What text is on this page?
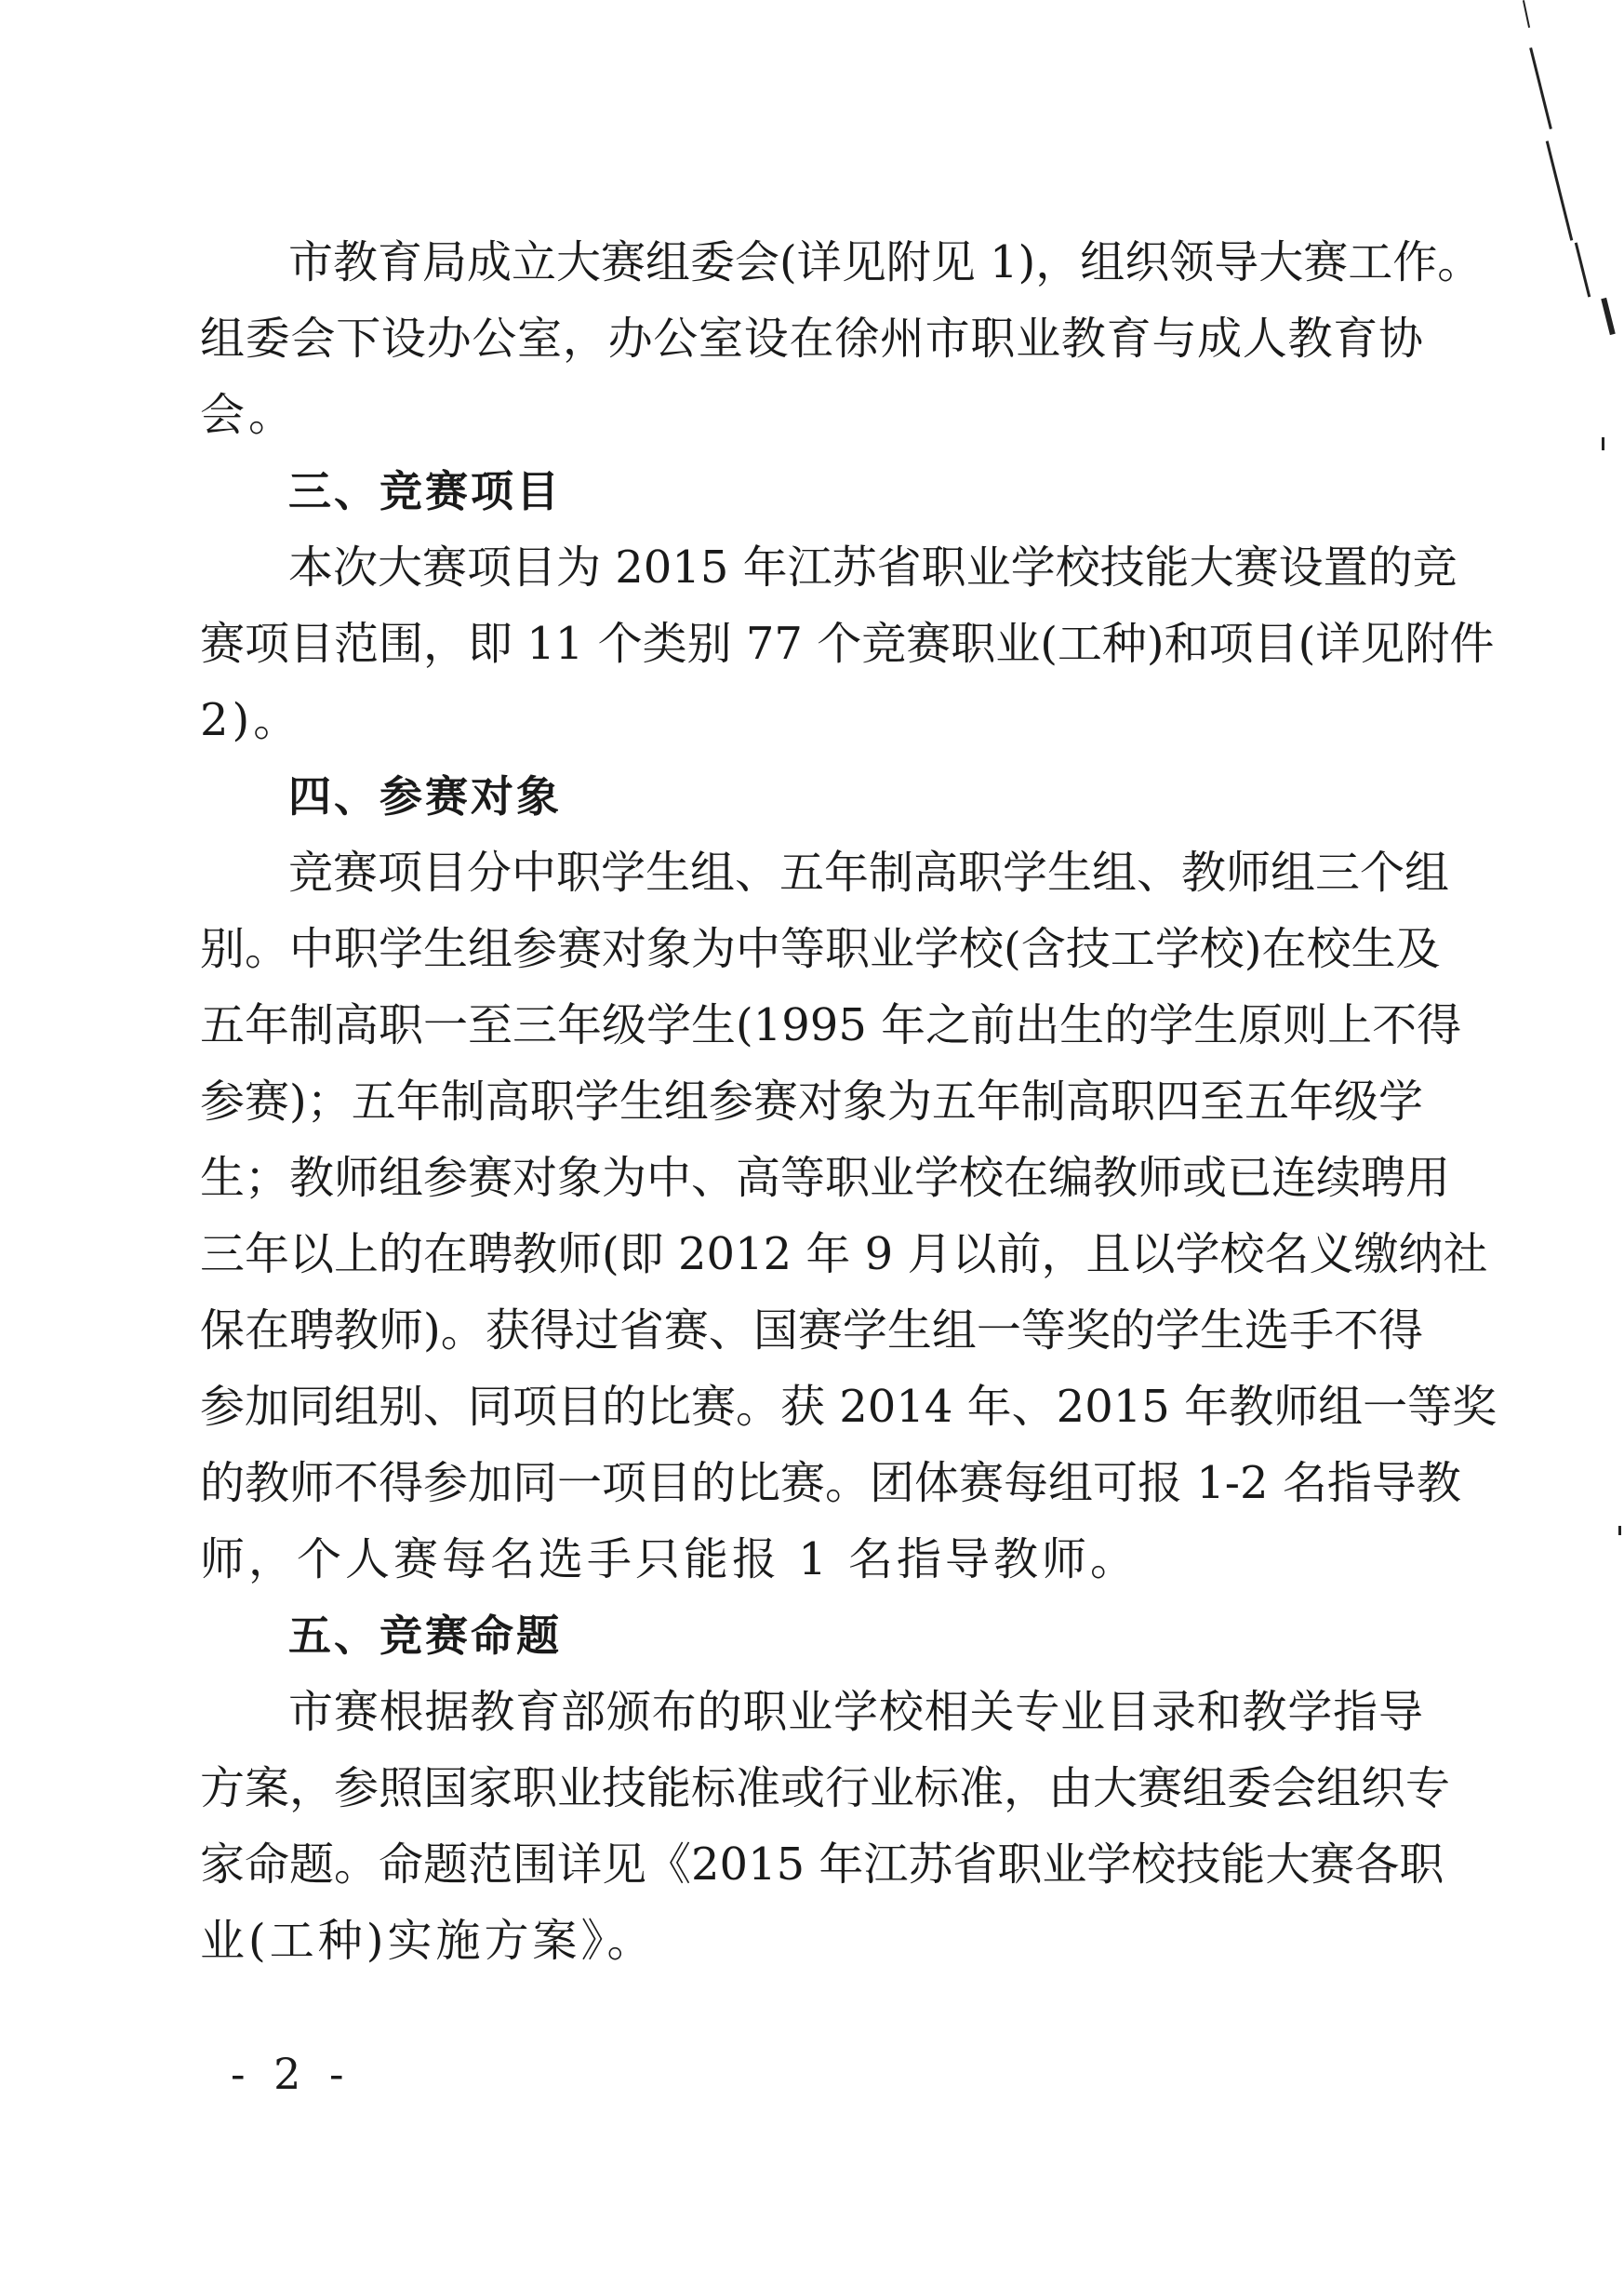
市教育局成立大赛组委会(详见附见 1)，组织领导大赛工作。
组委会下设办公室，办公室设在徐州市职业教育与成人教育协
会。
三、竞赛项目
本次大赛项目为 2015 年江苏省职业学校技能大赛设置的竞
赛项目范围，即 11 个类别 77 个竞赛职业(工种)和项目(详见附件
2)。
四、参赛对象
竞赛项目分中职学生组、五年制高职学生组、教师组三个组
别。中职学生组参赛对象为中等职业学校(含技工学校)在校生及
五年制高职一至三年级学生(1995 年之前出生的学生原则上不得
参赛)；五年制高职学生组参赛对象为五年制高职四至五年级学
生；教师组参赛对象为中、高等职业学校在编教师或已连续聘用
三年以上的在聘教师(即 2012 年 9 月以前，且以学校名义缴纳社
保在聘教师)。获得过省赛、国赛学生组一等奖的学生选手不得
参加同组别、同项目的比赛。获 2014 年、2015 年教师组一等奖
的教师不得参加同一项目的比赛。团体赛每组可报 1-2 名指导教
师，个人赛每名选手只能报 1 名指导教师。
五、竞赛命题
市赛根据教育部颁布的职业学校相关专业目录和教学指导
方案，参照国家职业技能标准或行业标准，由大赛组委会组织专
家命题。命题范围详见《2015 年江苏省职业学校技能大赛各职
业(工种)实施方案》。
- 2 -
